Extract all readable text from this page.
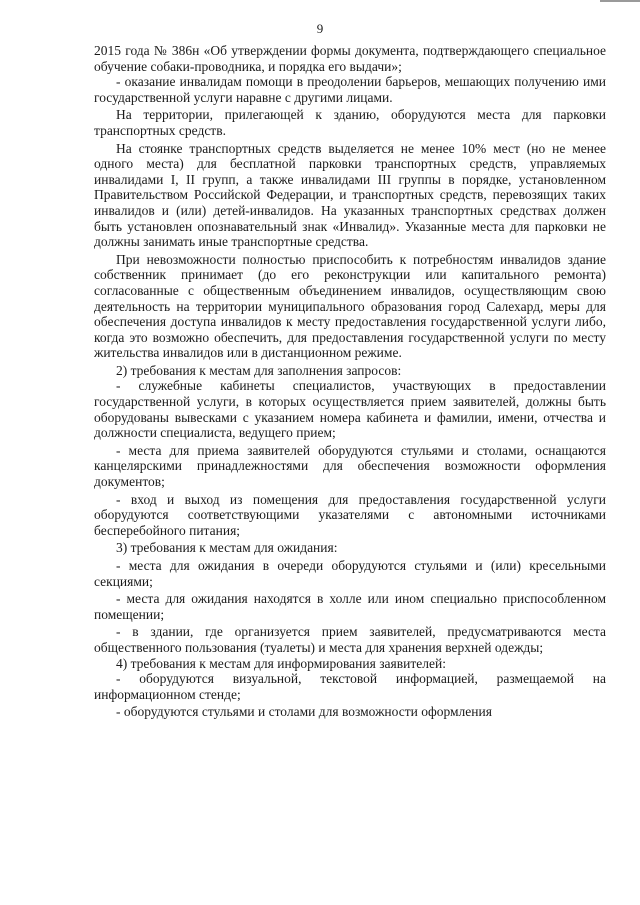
9

2015 года № 386н «Об утверждении формы документа, подтверждающего специальное обучение собаки-проводника, и порядка его выдачи»;

- оказание инвалидам помощи в преодолении барьеров, мешающих получению ими государственной услуги наравне с другими лицами.

На территории, прилегающей к зданию, оборудуются места для парковки транспортных средств.

На стоянке транспортных средств выделяется не менее 10% мест (но не менее одного места) для бесплатной парковки транспортных средств, управляемых инвалидами I, II групп, а также инвалидами III группы в порядке, установленном Правительством Российской Федерации, и транспортных средств, перевозящих таких инвалидов и (или) детей-инвалидов. На указанных транспортных средствах должен быть установлен опознавательный знак «Инвалид». Указанные места для парковки не должны занимать иные транспортные средства.

При невозможности полностью приспособить к потребностям инвалидов здание собственник принимает (до его реконструкции или капитального ремонта) согласованные с общественным объединением инвалидов, осуществляющим свою деятельность на территории муниципального образования город Салехард, меры для обеспечения доступа инвалидов к месту предоставления государственной услуги либо, когда это возможно обеспечить, для предоставления государственной услуги по месту жительства инвалидов или в дистанционном режиме.

2) требования к местам для заполнения запросов:

- служебные кабинеты специалистов, участвующих в предоставлении государственной услуги, в которых осуществляется прием заявителей, должны быть оборудованы вывесками с указанием номера кабинета и фамилии, имени, отчества и должности специалиста, ведущего прием;

- места для приема заявителей оборудуются стульями и столами, оснащаются канцелярскими принадлежностями для обеспечения возможности оформления документов;

- вход и выход из помещения для предоставления государственной услуги оборудуются соответствующими указателями с автономными источниками бесперебойного питания;

3) требования к местам для ожидания:

- места для ожидания в очереди оборудуются стульями и (или) кресельными секциями;

- места для ожидания находятся в холле или ином специально приспособленном помещении;

- в здании, где организуется прием заявителей, предусматриваются места общественного пользования (туалеты) и места для хранения верхней одежды;

4) требования к местам для информирования заявителей:

- оборудуются визуальной, текстовой информацией, размещаемой на информационном стенде;

- оборудуются стульями и столами для возможности оформления
